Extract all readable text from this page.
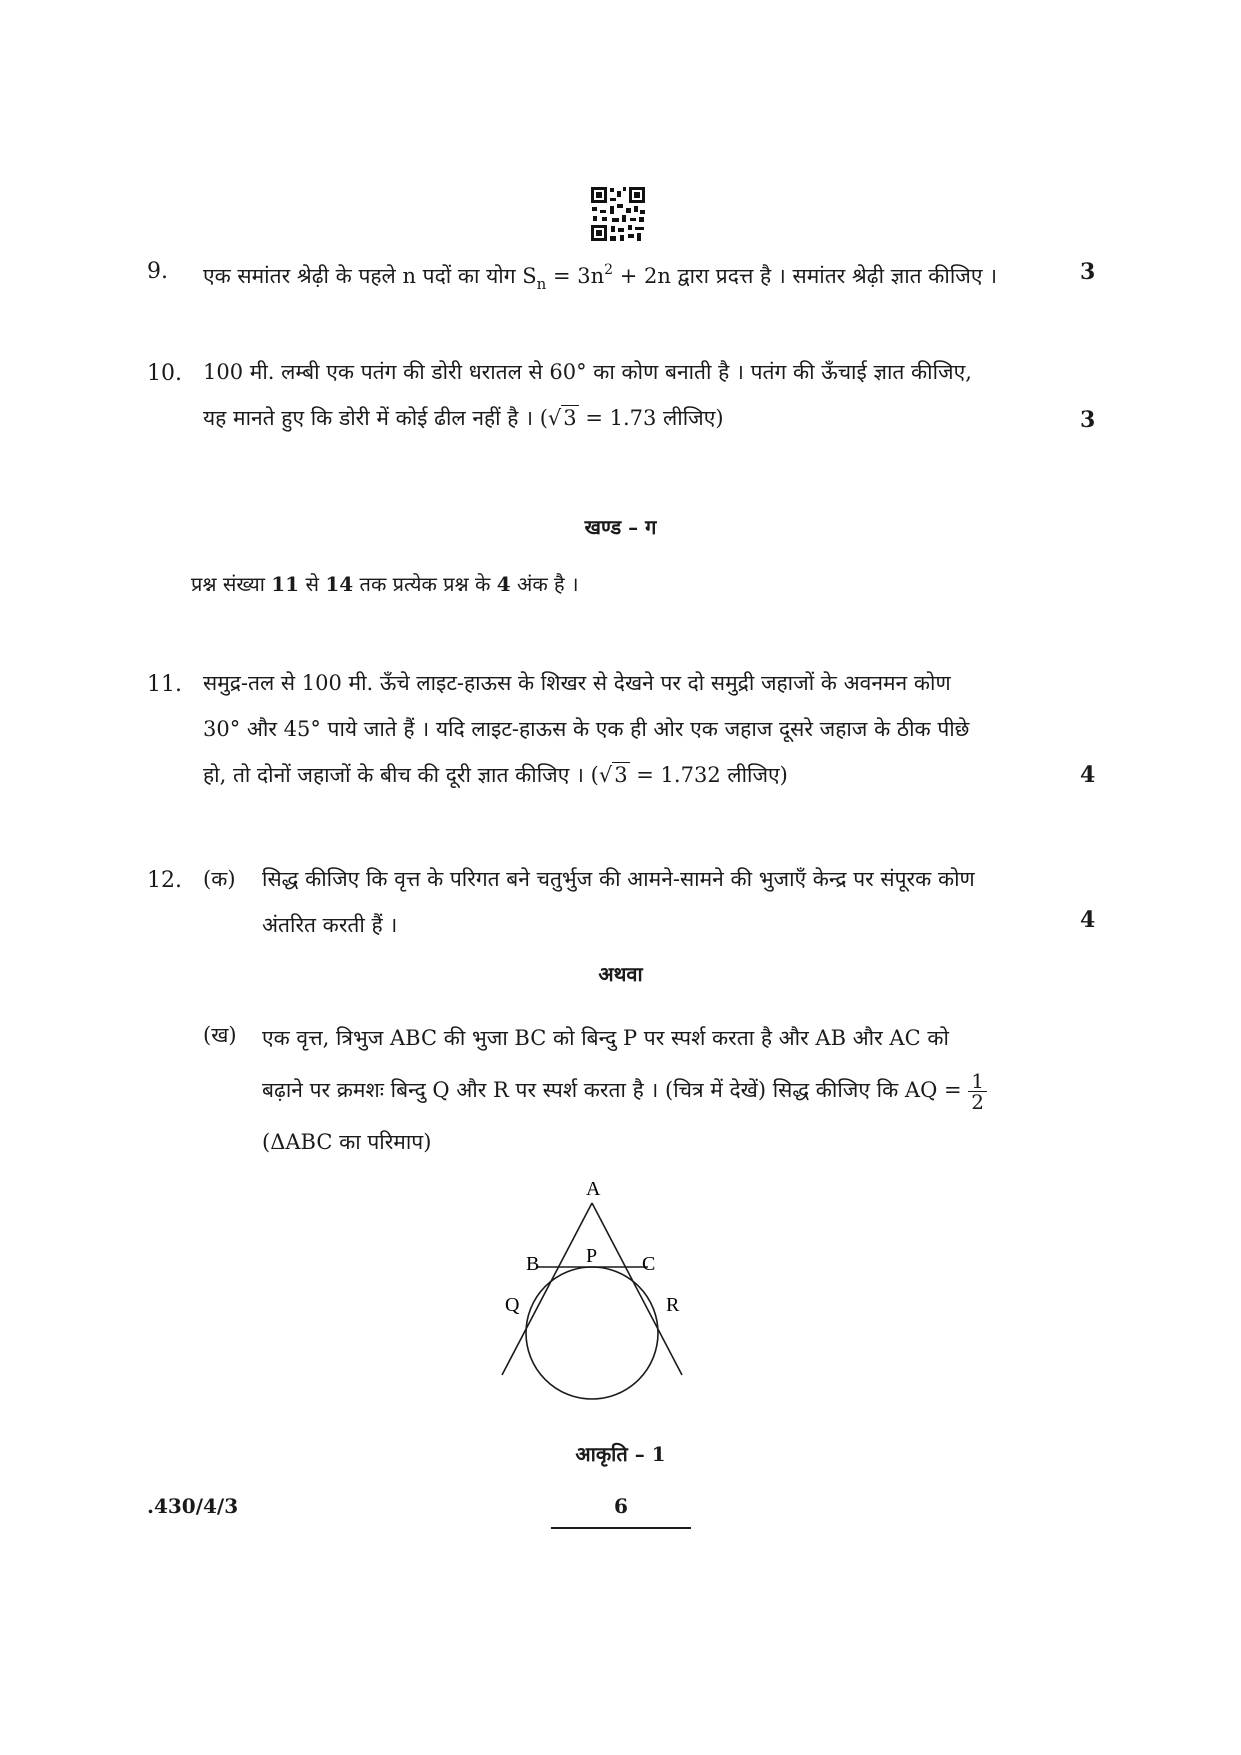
9. एक समांतर श्रेढ़ी के पहले n पदों का योग $S_n = 3n^2 + 2n$ द्वारा प्रदत्त है । समांतर श्रेढ़ी ज्ञात कीजिए ।	3
10. 100 मी. लम्बी एक पतंग की डोरी धरातल से 60° का कोण बनाती है । पतंग की ऊँचाई ज्ञात कीजिए,
यह मानते हुए कि डोरी में कोई ढील नहीं है । (√3 = 1.73 लीजिए)	3
खण्ड – ग
प्रश्न संख्या 11 से 14 तक प्रत्येक प्रश्न के 4 अंक है ।
11. समुद्र-तल से 100 मी. ऊँचे लाइट-हाऊस के शिखर से देखने पर दो समुद्री जहाजों के अवनमन कोण
30° और 45° पाये जाते हैं । यदि लाइट-हाऊस के एक ही ओर एक जहाज दूसरे जहाज के ठीक पीछे
हो, तो दोनों जहाजों के बीच की दूरी ज्ञात कीजिए । (√3 = 1.732 लीजिए)	4
12. (क) सिद्ध कीजिए कि वृत्त के परिगत बने चतुर्भुज की आमने-सामने की भुजाएँ केन्द्र पर संपूरक कोण
अंतरित करती हैं ।	4
अथवा
(ख) एक वृत्त, त्रिभुज ABC की भुजा BC को बिन्दु P पर स्पर्श करता है और AB और AC को
बढ़ाने पर क्रमशः बिन्दु Q और R पर स्पर्श करता है । (चित्र में देखें) सिद्ध कीजिए कि AQ = $\frac{1}{2}$
(ΔABC का परिमाप)
A
P
B	C
Q	R
आकृति – 1
.430/4/3	6
